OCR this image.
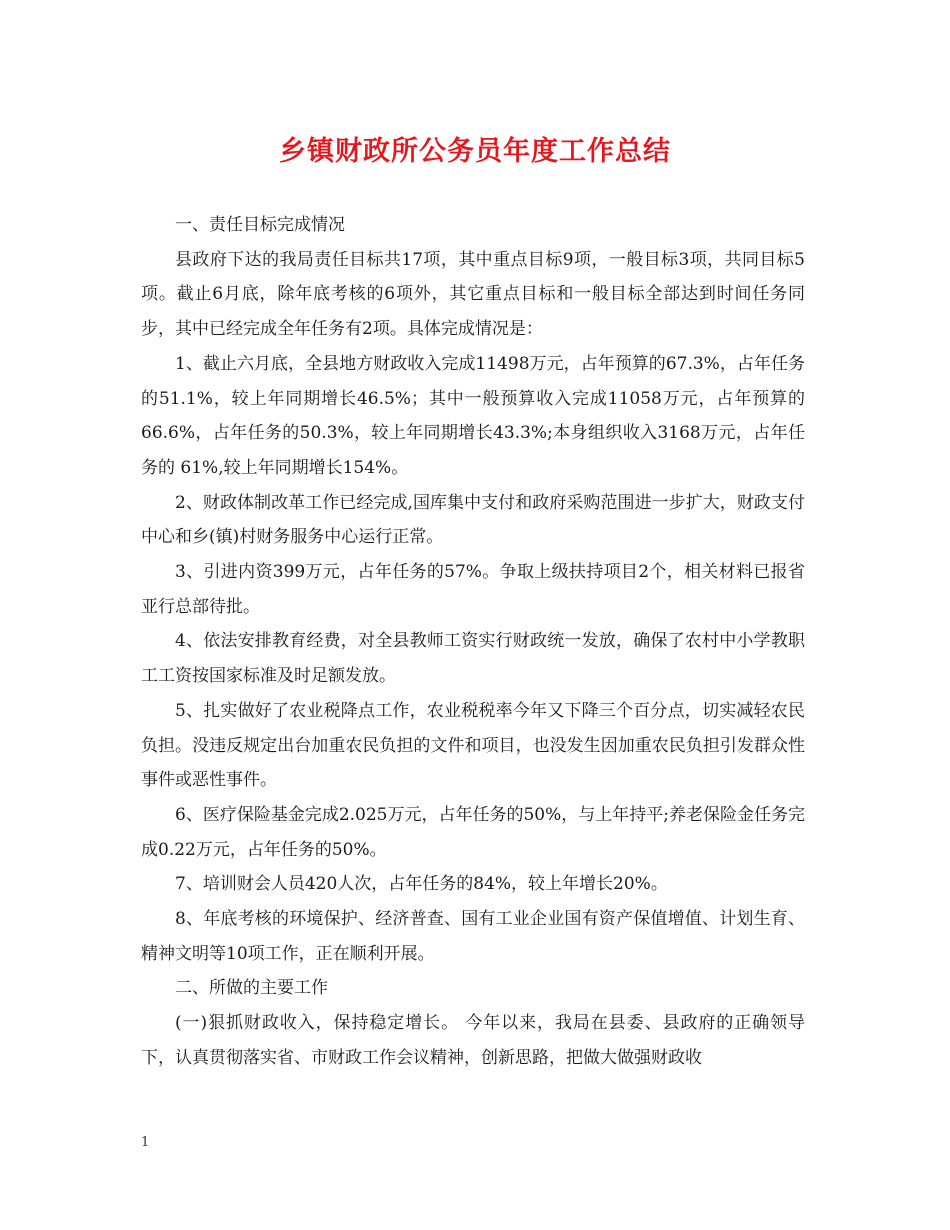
乡镇财政所公务员年度工作总结

一、责任目标完成情况

县政府下达的我局责任目标共17项，其中重点目标9项，一般目标3项，共同目标5项。截止6月底，除年底考核的6项外，其它重点目标和一般目标全部达到时间任务同步，其中已经完成全年任务有2项。具体完成情况是：

1、截止六月底，全县地方财政收入完成11498万元，占年预算的67.3%，占年任务的51.1%，较上年同期增长46.5%；其中一般预算收入完成11058万元，占年预算的66.6%，占年任务的50.3%，较上年同期增长43.3%;本身组织收入3168万元，占年任务的 61%,较上年同期增长154%。

2、财政体制改革工作已经完成,国库集中支付和政府采购范围进一步扩大，财政支付中心和乡(镇)村财务服务中心运行正常。

3、引进内资399万元，占年任务的57%。争取上级扶持项目2个，相关材料已报省亚行总部待批。

4、依法安排教育经费，对全县教师工资实行财政统一发放，确保了农村中小学教职工工资按国家标准及时足额发放。

5、扎实做好了农业税降点工作，农业税税率今年又下降三个百分点，切实减轻农民负担。没违反规定出台加重农民负担的文件和项目，也没发生因加重农民负担引发群众性事件或恶性事件。

6、医疗保险基金完成2.025万元，占年任务的50%，与上年持平;养老保险金任务完成0.22万元，占年任务的50%。

7、培训财会人员420人次，占年任务的84%，较上年增长20%。

8、年底考核的环境保护、经济普查、国有工业企业国有资产保值增值、计划生育、精神文明等10项工作，正在顺利开展。

二、所做的主要工作

(一)狠抓财政收入，保持稳定增长。 今年以来，我局在县委、县政府的正确领导下，认真贯彻落实省、市财政工作会议精神，创新思路，把做大做强财政收

1
